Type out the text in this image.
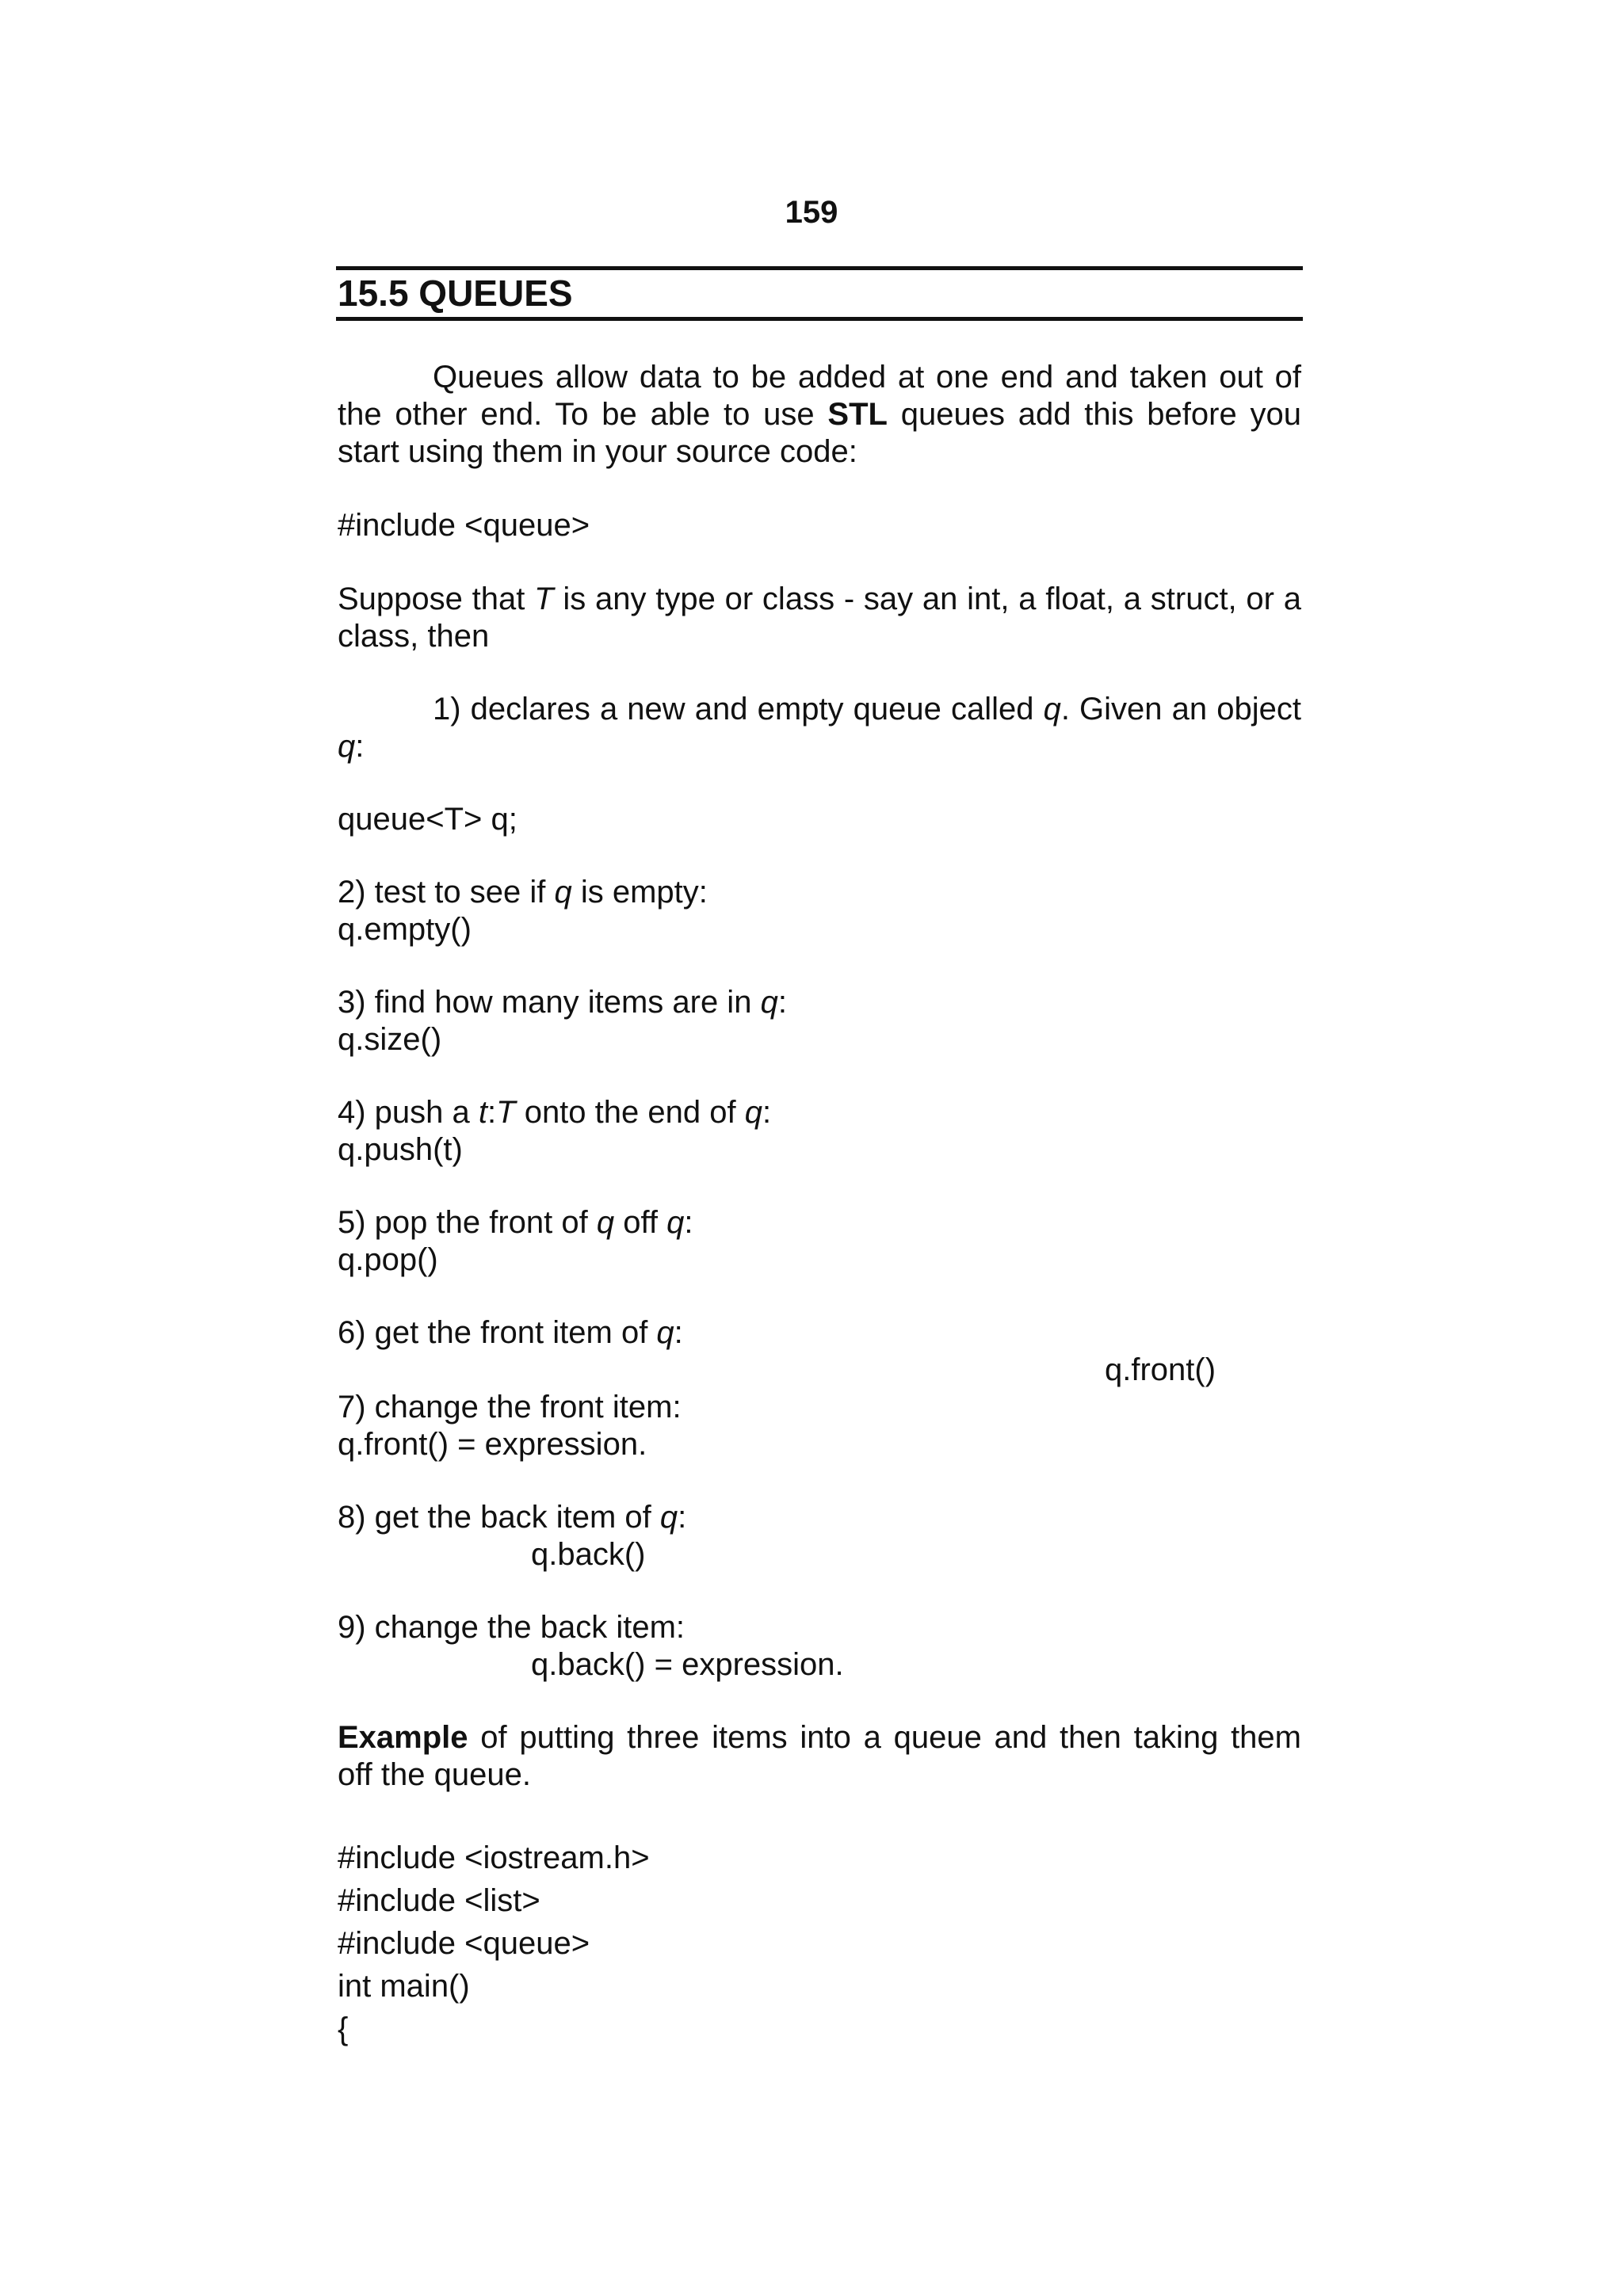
159
15.5 QUEUES
Queues allow data to be added at one end and taken out of the other end. To be able to use STL queues add this before you start using them in your source code:
#include <queue>
Suppose that T is any type or class - say an int, a float, a struct, or a class, then
1) declares a new and empty queue called q. Given an object q:
queue<T> q;
2) test to see if q is empty:
q.empty()
3) find how many items are in q:
q.size()
4) push a t:T onto the end of q:
q.push(t)
5) pop the front of q off q:
q.pop()
6) get the front item of q:
q.front()
7) change the front item:
q.front() = expression.
8) get the back item of q:
q.back()
9) change the back item:
q.back() = expression.
Example of putting three items into a queue and then taking them off the queue.
#include <iostream.h>
#include <list>
#include <queue>
int main()
{
